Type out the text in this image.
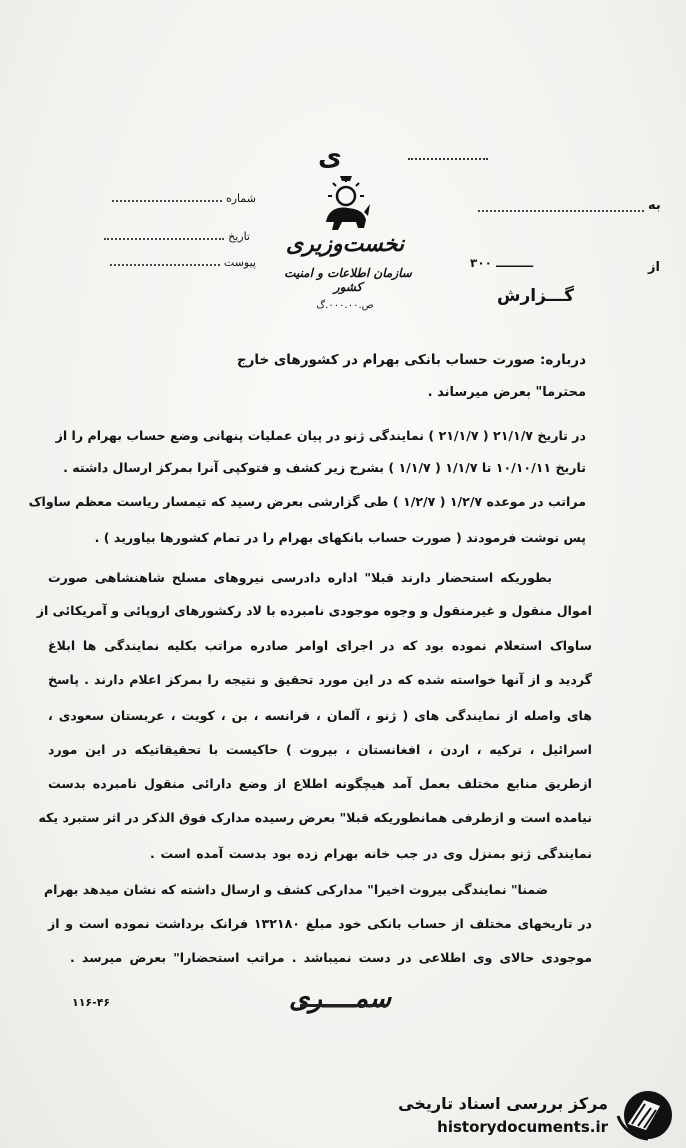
ی
نخست‌وزیری
سازمان اطلاعات و امنیت کشور
ص.۰۰۰.۰۰.گ
شماره
تاریخ
پیوست
به
از
۳۰۰ ـــــــــ
گـــزارش
درباره: صورت حساب بانکی بهرام در کشورهای خارج
محترما" بعرض میرساند .
در تاریخ ۲۱/۱/۷ ( ۲۱/۱/۷ ) نمایندگی ژنو در پیان عملیات پنهانی وضع حساب بهرام را از
تاریخ ۱۰/۱۰/۱۱ تا ۱/۱/۷ ( ۱/۱/۷ ) بشرح زیر کشف و فتوکپی آنرا بمرکز ارسال داشته .
مراتب در موعده ۱/۲/۷ ( ۱/۲/۷ ) طی گزارشی بعرض رسید که تیمسار ریاست معظم ساواک
پس نوشت فرمودند ( صورت حساب بانکهای بهرام را در تمام کشورها بیاورید ) .
بطوریکه استحضار دارند قبلا" اداره دادرسی نیروهای مسلح شاهنشاهی صورت
اموال منقول و غیرمنقول و وجوه موجودی نامبرده با لاد رکشورهای اروپائی و آمریکائی از
ساواک استعلام نموده بود که در اجرای اوامر صادره مراتب بکلیه نمایندگی ها ابلاغ
گردید و از آنها خواسته شده که در این مورد تحقیق و نتیجه را بمرکز اعلام دارند . پاسخ
های واصله از نمایندگی های ( ژنو ، آلمان ، فرانسه ، بن ، کویت ، عربستان سعودی ،
اسرائیل ، ترکیه ، اردن ، افغانستان ، بیروت ) حاکیست با تحقیقاتیکه در این مورد
ازطریق منابع مختلف بعمل آمد هیچگونه اطلاع از وضع دارائی منقول نامبرده بدست
نیامده است و ازطرفی همانطوریکه قبلا" بعرض رسیده مدارک فوق الذکر در اثر ستبرد یکه
نمایندگی ژنو بمنزل وی در جب خانه بهرام زده بود بدست آمده است .
ضمنا" نمایندگی بیروت اخیرا" مدارکی کشف و ارسال داشته که نشان میدهد بهرام
در تاریخهای مختلف از حساب بانکی خود مبلغ ۱۳۲۱۸۰ فرانک برداشت نموده است و از
موجودی حالای وی اطلاعی در دست نمیباشد . مراتب استحضارا" بعرض میرسد .
سمــــری
۱۱۶-۴۶
مرکز بررسی اسناد تاریخی
historydocuments.ir
